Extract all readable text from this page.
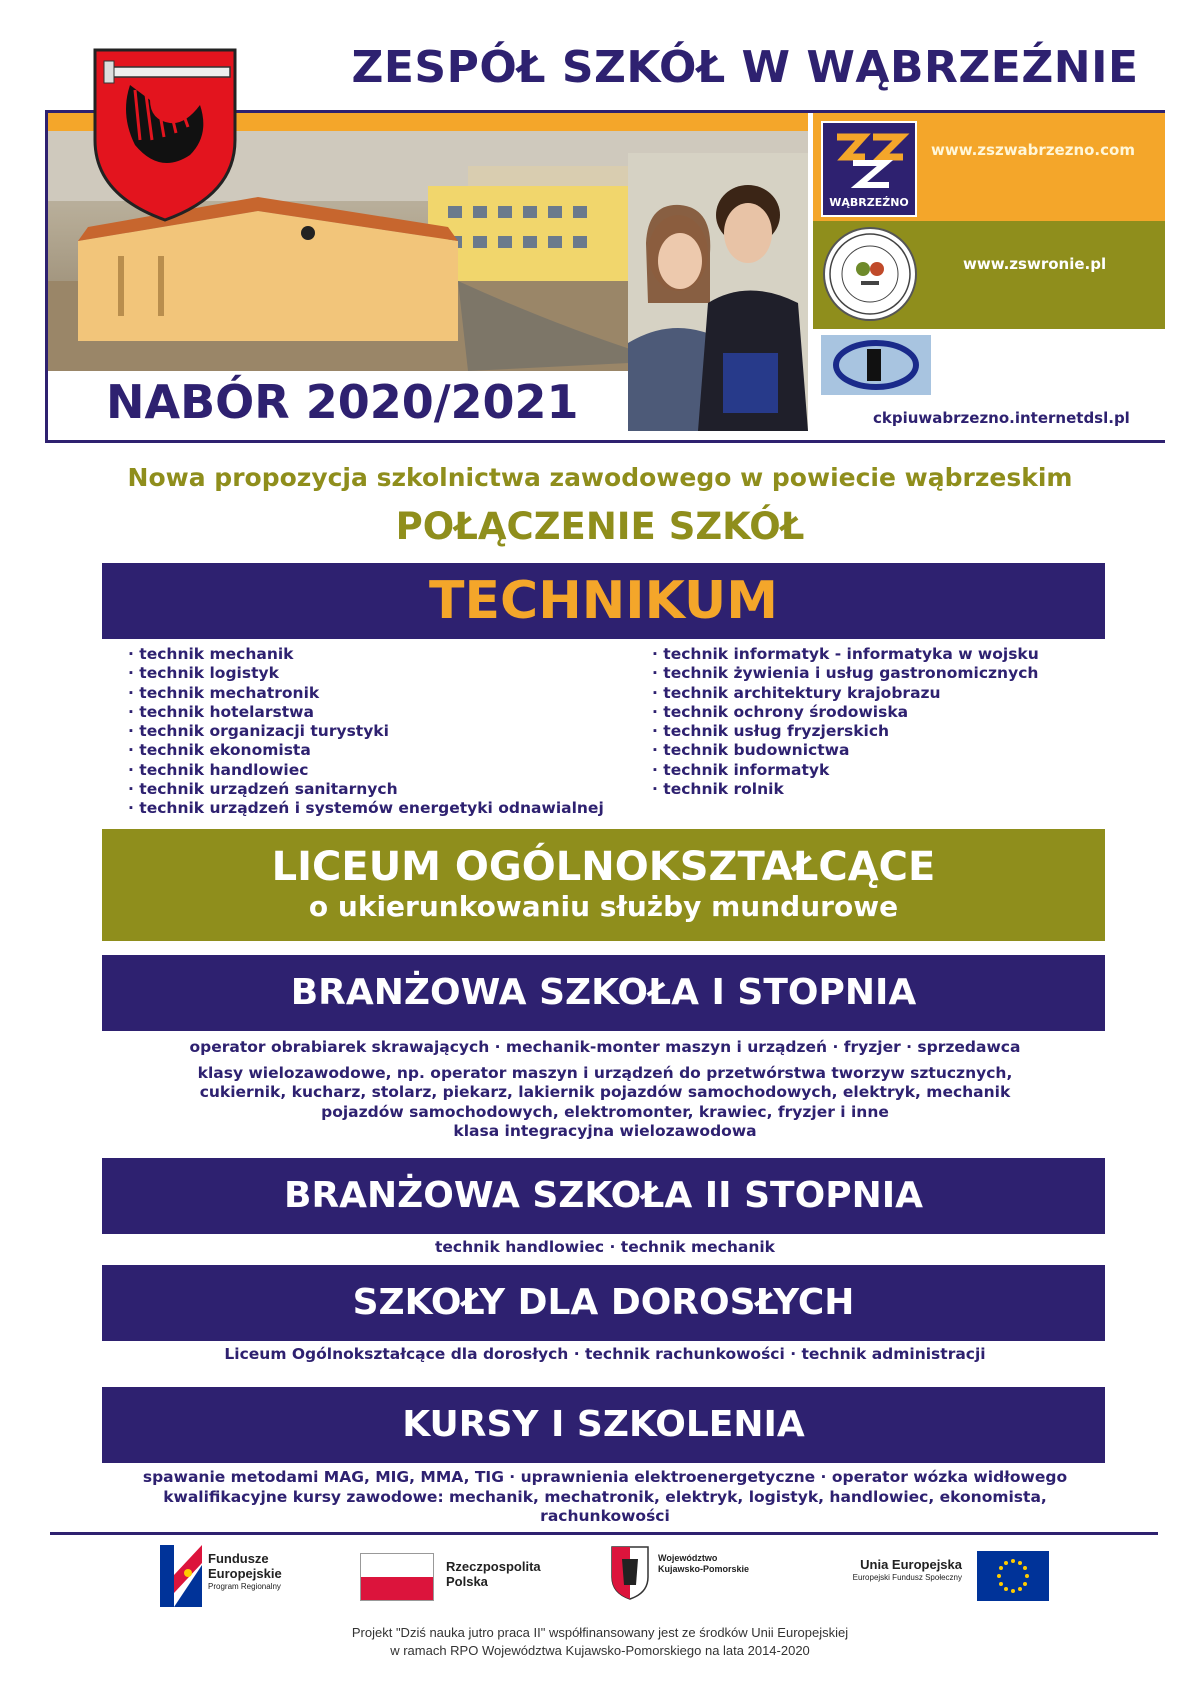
ZESPÓŁ SZKÓŁ W WĄBRZEŹNIE
NABÓR 2020/2021
WĄBRZEŹNO
www.zszwabrzezno.com
www.zswronie.pl
ckpiuwabrzezno.internetdsl.pl
Nowa propozycja szkolnictwa zawodowego w powiecie wąbrzeskim
POŁĄCZENIE SZKÓŁ
TECHNIKUM
· technik mechanik
· technik logistyk
· technik mechatronik
· technik hotelarstwa
· technik organizacji turystyki
· technik ekonomista
· technik handlowiec
· technik urządzeń sanitarnych
· technik urządzeń i systemów energetyki odnawialnej
· technik informatyk - informatyka w wojsku
· technik żywienia i usług gastronomicznych
· technik architektury krajobrazu
· technik ochrony środowiska
· technik usług fryzjerskich
· technik budownictwa
· technik informatyk
· technik rolnik
LICEUM OGÓLNOKSZTAŁCĄCE
o ukierunkowaniu służby mundurowe
BRANŻOWA SZKOŁA I STOPNIA

operator obrabiarek skrawających · mechanik-monter maszyn i urządzeń · fryzjer · sprzedawca

klasy wielozawodowe, np. operator maszyn i urządzeń do przetwórstwa tworzyw sztucznych,

cukiernik, kucharz, stolarz, piekarz, lakiernik pojazdów samochodowych, elektryk, mechanik

pojazdów samochodowych, elektromonter, krawiec, fryzjer i inne

klasa integracyjna wielozawodowa

BRANŻOWA SZKOŁA II STOPNIA

technik handlowiec · technik mechanik

SZKOŁY DLA DOROSŁYCH

Liceum Ogólnokształcące dla dorosłych · technik rachunkowości · technik administracji

KURSY I SZKOLENIA

spawanie metodami MAG, MIG, MMA, TIG · uprawnienia elektroenergetyczne · operator wózka widłowego

kwalifikacyjne kursy zawodowe: mechanik, mechatronik, elektryk, logistyk, handlowiec, ekonomista,

rachunkowości

Fundusze
Europejskie
Program Regionalny
Rzeczpospolita
Polska
Województwo
Kujawsko-Pomorskie	Unia Europejska
Europejski Fundusz Społeczny

Projekt "Dziś nauka jutro praca II" współfinansowany jest ze środków Unii Europejskiej

w ramach RPO Województwa Kujawsko-Pomorskiego na lata 2014-2020
